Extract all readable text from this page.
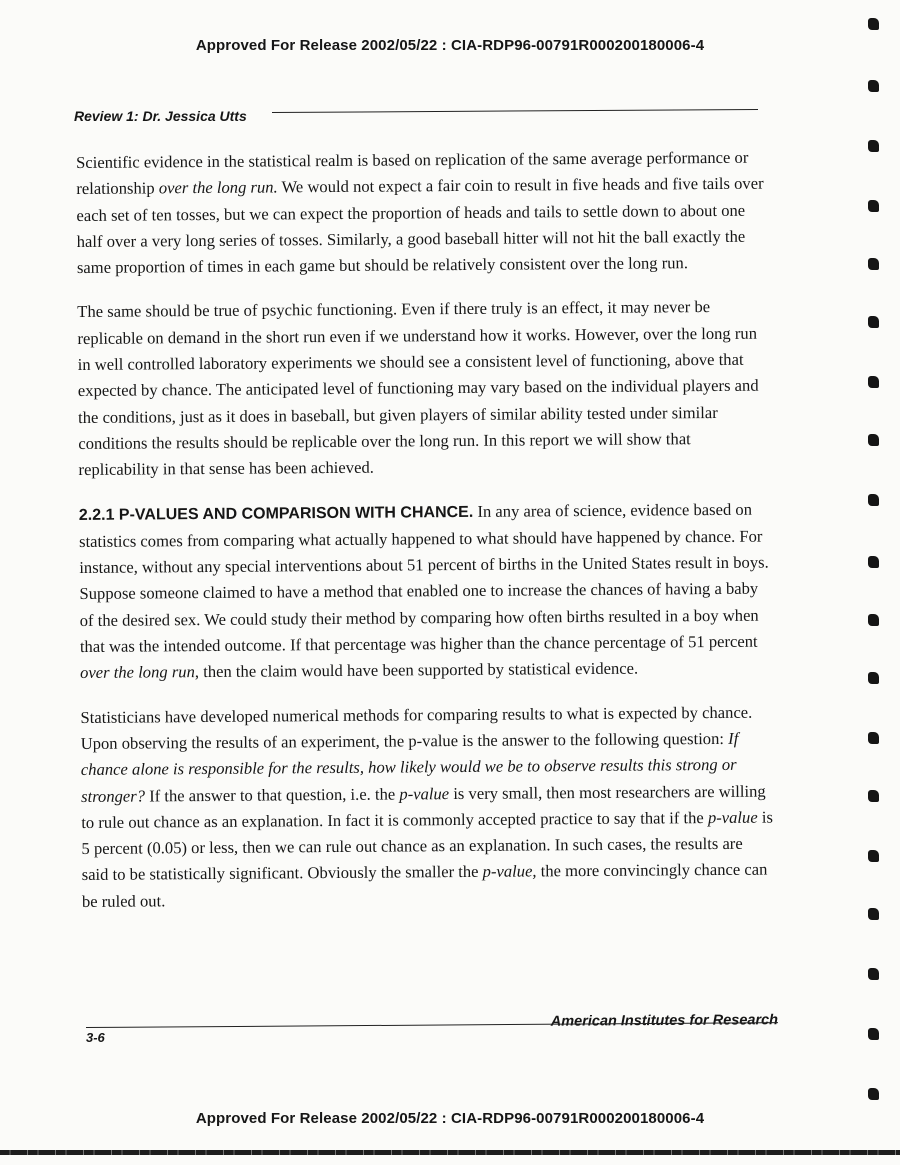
Approved For Release 2002/05/22 : CIA-RDP96-00791R000200180006-4
Review 1: Dr. Jessica Utts

Scientific evidence in the statistical realm is based on replication of the same average performance or relationship over the long run. We would not expect a fair coin to result in five heads and five tails over each set of ten tosses, but we can expect the proportion of heads and tails to settle down to about one half over a very long series of tosses. Similarly, a good baseball hitter will not hit the ball exactly the same proportion of times in each game but should be relatively consistent over the long run.

The same should be true of psychic functioning. Even if there truly is an effect, it may never be replicable on demand in the short run even if we understand how it works. However, over the long run in well controlled laboratory experiments we should see a consistent level of functioning, above that expected by chance. The anticipated level of functioning may vary based on the individual players and the conditions, just as it does in baseball, but given players of similar ability tested under similar conditions the results should be replicable over the long run. In this report we will show that replicability in that sense has been achieved.

2.2.1 P-VALUES AND COMPARISON WITH CHANCE. In any area of science, evidence based on statistics comes from comparing what actually happened to what should have happened by chance. For instance, without any special interventions about 51 percent of births in the United States result in boys. Suppose someone claimed to have a method that enabled one to increase the chances of having a baby of the desired sex. We could study their method by comparing how often births resulted in a boy when that was the intended outcome. If that percentage was higher than the chance percentage of 51 percent over the long run, then the claim would have been supported by statistical evidence.

Statisticians have developed numerical methods for comparing results to what is expected by chance. Upon observing the results of an experiment, the p-value is the answer to the following question: If chance alone is responsible for the results, how likely would we be to observe results this strong or stronger? If the answer to that question, i.e. the p-value is very small, then most researchers are willing to rule out chance as an explanation. In fact it is commonly accepted practice to say that if the p-value is 5 percent (0.05) or less, then we can rule out chance as an explanation. In such cases, the results are said to be statistically significant. Obviously the smaller the p-value, the more convincingly chance can be ruled out.

American Institutes for Research
3-6
Approved For Release 2002/05/22 : CIA-RDP96-00791R000200180006-4
